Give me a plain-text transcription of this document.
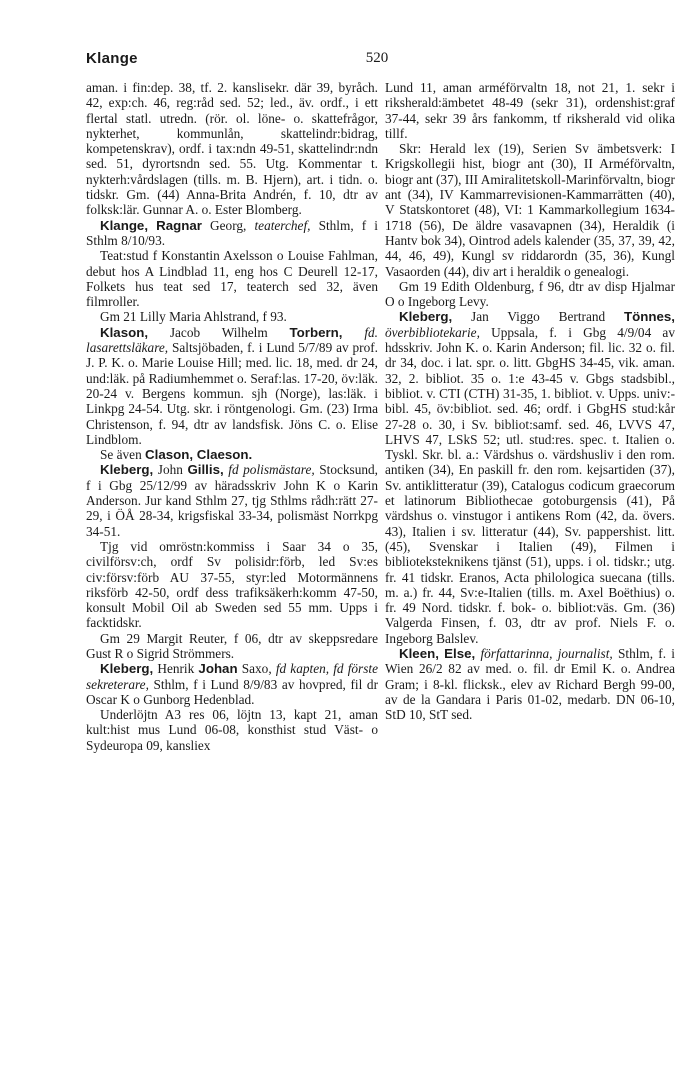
Klange	520

aman. i fin:dep. 38, tf. 2. kanslisekr. där 39, byråch. 42, exp:ch. 46, reg:råd sed. 52; led., äv. ordf., i ett flertal statl. utredn. (rör. ol. löne- o. skattefrågor, nykterhet, kommunlån, skattelindr:bidrag, kompetenskrav), ordf. i tax:ndn 49-51, skattelindr:ndn sed. 51, dyrortsndn sed. 55. Utg. Kommentar t. nykterh:vårdslagen (tills. m. B. Hjern), art. i tidn. o. tidskr. Gm. (44) Anna-Brita Andrén, f. 10, dtr av folksk:lär. Gunnar A. o. Ester Blomberg.

Klange, Ragnar Georg, teaterchef, Sthlm, f i Sthlm 8/10/93.

Teat:stud f Konstantin Axelsson o Louise Fahlman, debut hos A Lindblad 11, eng hos C Deurell 12-17, Folkets hus teat sed 17, teaterch sed 32, även filmroller.

Gm 21 Lilly Maria Ahlstrand, f 93.

Klason, Jacob Wilhelm Torbern, fd. lasarettsläkare, Saltsjöbaden, f. i Lund 5/7/89 av prof. J. P. K. o. Marie Louise Hill; med. lic. 18, med. dr 24, und:läk. på Radiumhemmet o. Seraf:las. 17-20, öv:läk. 20-24 v. Bergens kommun. sjh (Norge), las:läk. i Linkpg 24-54. Utg. skr. i röntgenologi. Gm. (23) Irma Christenson, f. 94, dtr av landsfisk. Jöns C. o. Elise Lindblom.

Se även Clason, Claeson.

Kleberg, John Gillis, fd polismästare, Stocksund, f i Gbg 25/12/99 av häradsskriv John K o Karin Anderson. Jur kand Sthlm 27, tjg Sthlms rådh:rätt 27-29, i ÖÅ 28-34, krigsfiskal 33-34, polismäst Norrkpg 34-51.

Tjg vid omröstn:kommiss i Saar 34 o 35, civilförsv:ch, ordf Sv polisidr:förb, led Sv:es civ:försv:förb AU 37-55, styr:led Motormännens riksförb 42-50, ordf dess trafiksäkerh:komm 47-50, konsult Mobil Oil ab Sweden sed 55 mm. Upps i facktidskr.

Gm 29 Margit Reuter, f 06, dtr av skeppsredare Gust R o Sigrid Strömmers.

Kleberg, Henrik Johan Saxo, fd kapten, fd förste sekreterare, Sthlm, f i Lund 8/9/83 av hovpred, fil dr Oscar K o Gunborg Hedenblad.

Underlöjtn A3 res 06, löjtn 13, kapt 21, aman kult:hist mus Lund 06-08, konsthist stud Väst- o Sydeuropa 09, kansliex

Lund 11, aman arméförvaltn 18, not 21, 1. sekr i riksherald:ämbetet 48-49 (sekr 31), ordenshist:graf 37-44, sekr 39 års fankomm, tf riksherald vid olika tillf.

Skr: Herald lex (19), Serien Sv ämbetsverk: I Krigskollegii hist, biogr ant (30), II Arméförvaltn, biogr ant (37), III Amiralitetskoll-Marinförvaltn, biogr ant (34), IV Kammarrevisionen-Kammarrätten (40), V Statskontoret (48), VI: 1 Kammarkollegium 1634-1718 (56), De äldre vasavapnen (34), Heraldik (i Hantv bok 34), Ointrod adels kalender (35, 37, 39, 42, 44, 46, 49), Kungl sv riddarordn (35, 36), Kungl Vasaorden (44), div art i heraldik o genealogi.

Gm 19 Edith Oldenburg, f 96, dtr av disp Hjalmar O o Ingeborg Levy.

Kleberg, Jan Viggo Bertrand Tönnes, överbibliotekarie, Uppsala, f. i Gbg 4/9/04 av hdsskriv. John K. o. Karin Anderson; fil. lic. 32 o. fil. dr 34, doc. i lat. spr. o. litt. GbgHS 34-45, vik. aman. 32, 2. bibliot. 35 o. 1:e 43-45 v. Gbgs stadsbibl., bibliot. v. CTI (CTH) 31-35, 1. bibliot. v. Upps. univ:-bibl. 45, öv:bibliot. sed. 46; ordf. i GbgHS stud:kår 27-28 o. 30, i Sv. bibliot:samf. sed. 46, LVVS 47, LHVS 47, LSkS 52; utl. stud:res. spec. t. Italien o. Tyskl. Skr. bl. a.: Värdshus o. värdshusliv i den rom. antiken (34), En paskill fr. den rom. kejsartiden (37), Sv. antiklitteratur (39), Catalogus codicum graecorum et latinorum Bibliothecae gotoburgensis (41), På värdshus o. vinstugor i antikens Rom (42, da. övers. 43), Italien i sv. litteratur (44), Sv. pappershist. litt. (45), Svenskar i Italien (49), Filmen i biblioteksteknikens tjänst (51), upps. i ol. tidskr.; utg. fr. 41 tidskr. Eranos, Acta philologica suecana (tills. m. a.) fr. 44, Sv:e-Italien (tills. m. Axel Boëthius) o. fr. 49 Nord. tidskr. f. bok- o. bibliot:väs. Gm. (36) Valgerda Finsen, f. 03, dtr av prof. Niels F. o. Ingeborg Balslev.

Kleen, Else, författarinna, journalist, Sthlm, f. i Wien 26/2 82 av med. o. fil. dr Emil K. o. Andrea Gram; i 8-kl. flicksk., elev av Richard Bergh 99-00, av de la Gandara i Paris 01-02, medarb. DN 06-10, StD 10, StT sed.
